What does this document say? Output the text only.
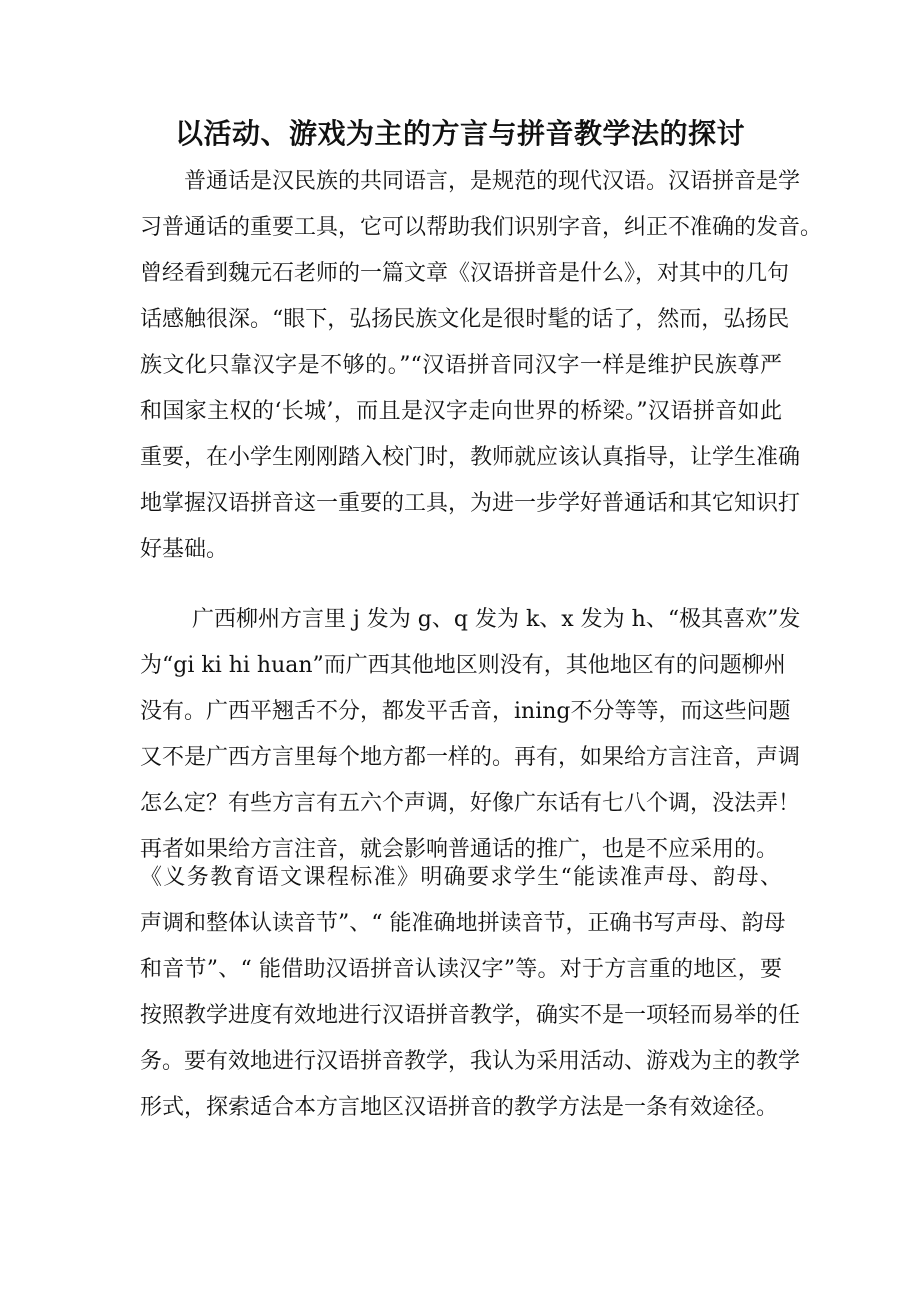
以活动、游戏为主的方言与拼音教学法的探讨
普通话是汉民族的共同语言，是规范的现代汉语。汉语拼音是学
习普通话的重要工具，它可以帮助我们识别字音，纠正不准确的发音。
曾经看到魏元石老师的一篇文章《汉语拼音是什么》，对其中的几句
话感触很深。“眼下，弘扬民族文化是很时髦的话了，然而，弘扬民
族文化只靠汉字是不够的。”“汉语拼音同汉字一样是维护民族尊严
和国家主权的‘长城’，而且是汉字走向世界的桥梁。”汉语拼音如此
重要，在小学生刚刚踏入校门时，教师就应该认真指导，让学生准确
地掌握汉语拼音这一重要的工具，为进一步学好普通话和其它知识打
好基础。
广西柳州方言里 j 发为 g、q 发为 k、x 发为 h、“极其喜欢”发
为“gi ki hi huan”而广西其他地区则没有，其他地区有的问题柳州
没有。广西平翘舌不分，都发平舌音，ining不分等等，而这些问题
又不是广西方言里每个地方都一样的。再有，如果给方言注音，声调
怎么定？有些方言有五六个声调，好像广东话有七八个调，没法弄！
再者如果给方言注音，就会影响普通话的推广，也是不应采用的。
《义务教育语文课程标准》明确要求学生“能读准声母、韵母、
声调和整体认读音节”、“ 能准确地拼读音节，正确书写声母、韵母
和音节”、“ 能借助汉语拼音认读汉字”等。对于方言重的地区，要
按照教学进度有效地进行汉语拼音教学，确实不是一项轻而易举的任
务。要有效地进行汉语拼音教学，我认为采用活动、游戏为主的教学
形式，探索适合本方言地区汉语拼音的教学方法是一条有效途径。
